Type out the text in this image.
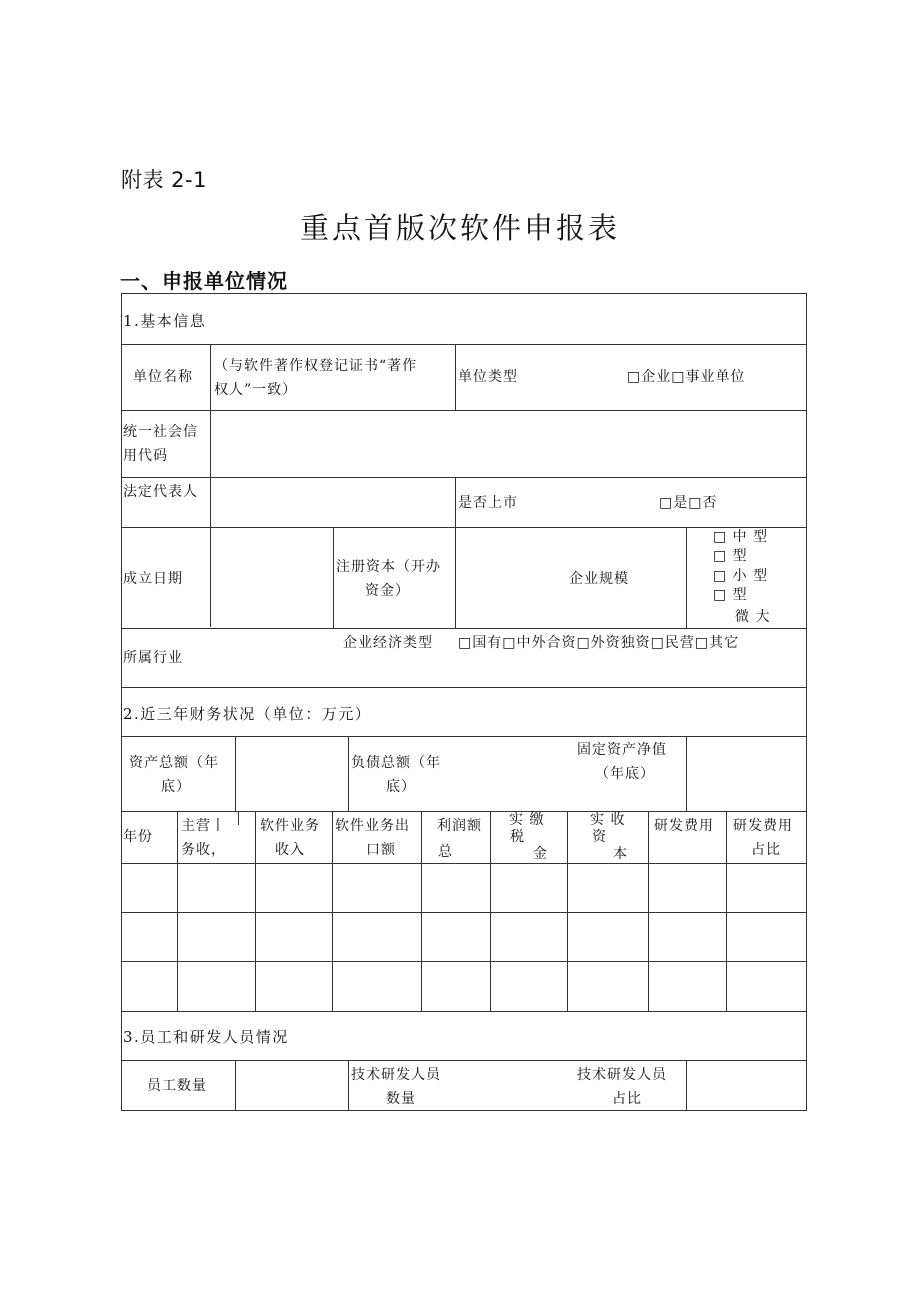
附表 2-1
重点首版次软件申报表
一、申报单位情况
1.基本信息
单位名称
（与软件著作权登记证书“著作
权人”一致）
单位类型	□企业□事业单位
统一社会信
用代码
法定代表人
是否上市	□是□否
成立日期
注册资本（开办
资金）
企业规模
□ 中 型
□ 型
□ 小 型
□ 型
微 大
所属行业
企业经济类型 □国有□中外合资□外资独资□民营□其它
2.近三年财务状况（单位：万元）
资产总额（年
底）
负债总额（年
底）
固定资产净值
（年底）
年份
主营丨
务收，
软件业务
收入
软件业务出
口额
利润额
总
实 缴
税
金
实 收
资
本
研发费用 研发费用
占比
3.员工和研发人员情况
员工数量
技术研发人员
数量
技术研发人员
占比
